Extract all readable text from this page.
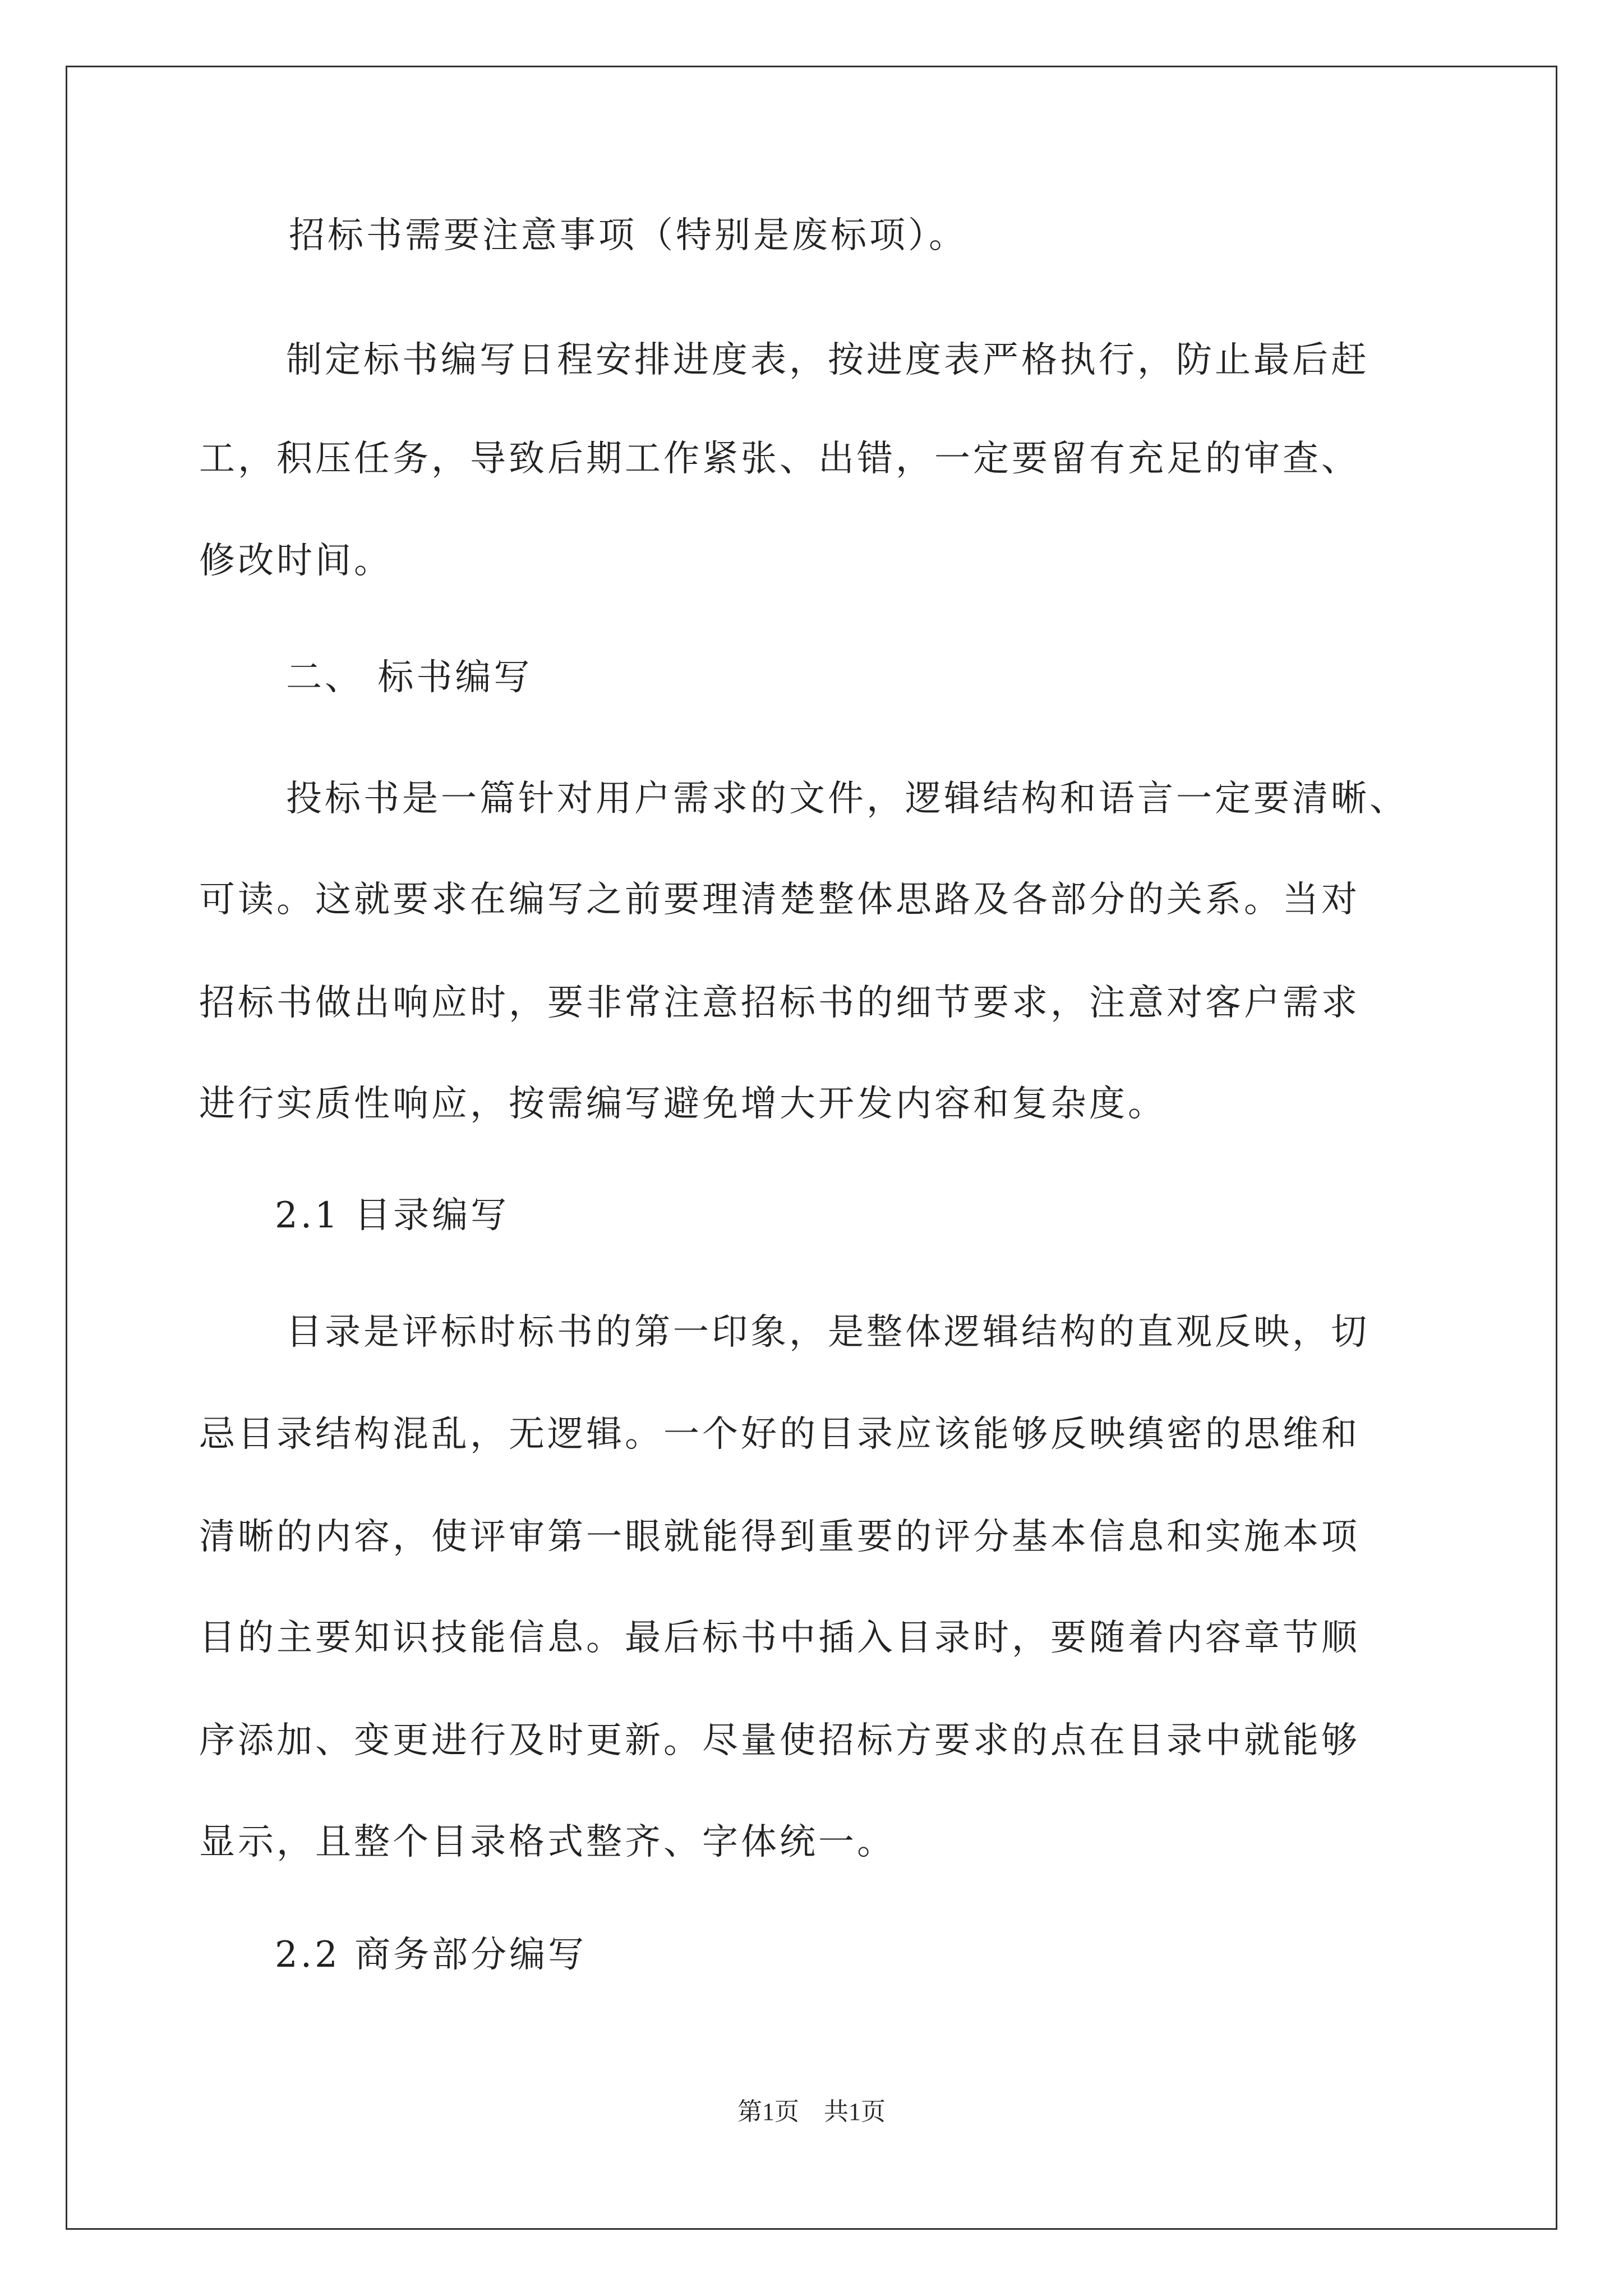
招标书需要注意事项（特别是废标项）。
制定标书编写日程安排进度表，按进度表严格执行，防止最后赶
工，积压任务，导致后期工作紧张、出错，一定要留有充足的审查、
修改时间。
二、 标书编写
投标书是一篇针对用户需求的文件，逻辑结构和语言一定要清晰、
可读。这就要求在编写之前要理清楚整体思路及各部分的关系。当对
招标书做出响应时，要非常注意招标书的细节要求，注意对客户需求
进行实质性响应，按需编写避免增大开发内容和复杂度。
2.1 目录编写
目录是评标时标书的第一印象，是整体逻辑结构的直观反映，切
忌目录结构混乱，无逻辑。一个好的目录应该能够反映缜密的思维和
清晰的内容，使评审第一眼就能得到重要的评分基本信息和实施本项
目的主要知识技能信息。最后标书中插入目录时，要随着内容章节顺
序添加、变更进行及时更新。尽量使招标方要求的点在目录中就能够
显示，且整个目录格式整齐、字体统一。
2.2 商务部分编写
第1页　共1页
